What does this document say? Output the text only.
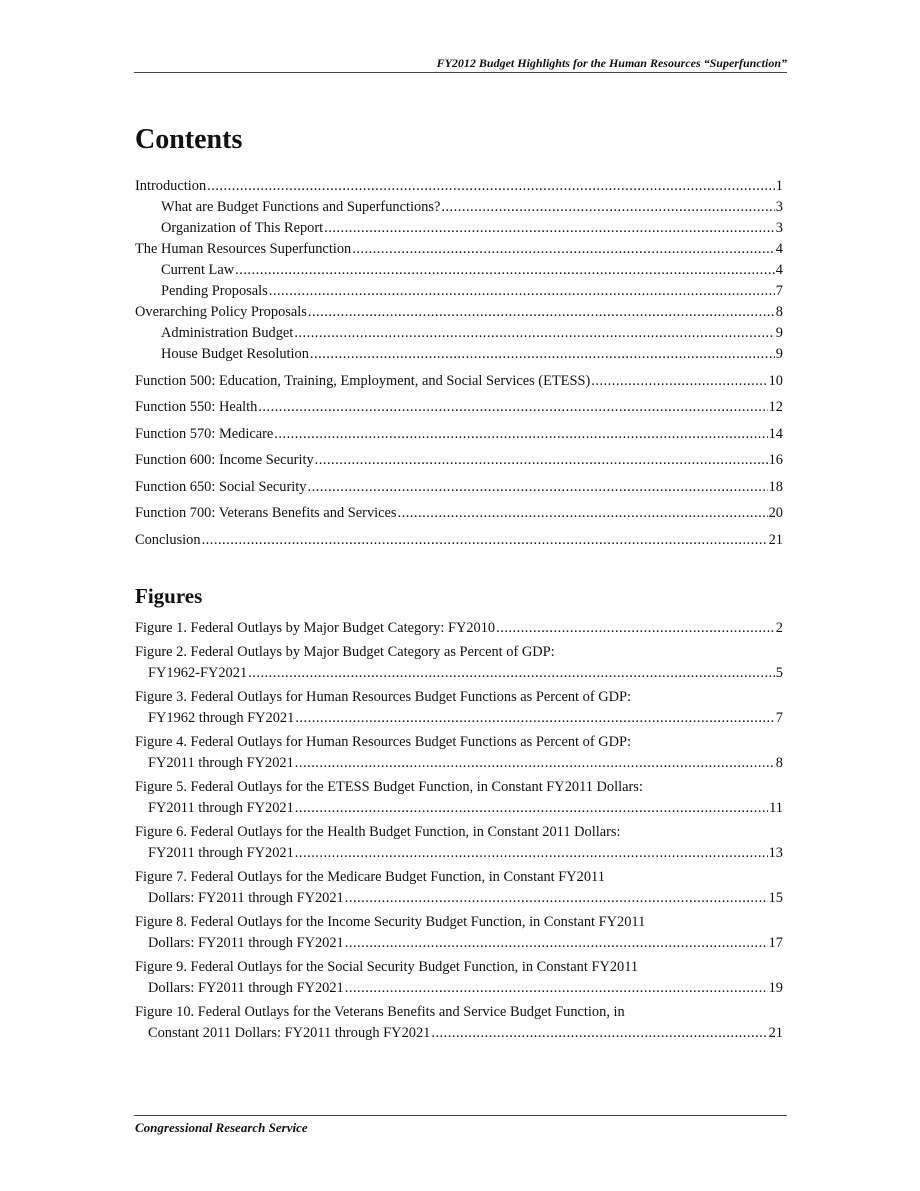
FY2012 Budget Highlights for the Human Resources “Superfunction”
Contents
Introduction .....	1
What are Budget Functions and Superfunctions? .....	3
Organization of This Report .....	3
The Human Resources Superfunction .....	4
Current Law .....	4
Pending Proposals .....	7
Overarching Policy Proposals .....	8
Administration Budget .....	9
House Budget Resolution .....	9
Function 500: Education, Training, Employment, and Social Services (ETESS) .....	10
Function 550: Health .....	12
Function 570: Medicare .....	14
Function 600: Income Security .....	16
Function 650: Social Security .....	18
Function 700: Veterans Benefits and Services .....	20
Conclusion .....	21
Figures
Figure 1. Federal Outlays by Major Budget Category: FY2010 .....	2
Figure 2. Federal Outlays by Major Budget Category as Percent of GDP:
FY1962-FY2021 .....	5
Figure 3. Federal Outlays for Human Resources Budget Functions as Percent of GDP:
FY1962 through FY2021 .....	7
Figure 4. Federal Outlays for Human Resources Budget Functions as Percent of GDP:
FY2011 through FY2021 .....	8
Figure 5. Federal Outlays for the ETESS Budget Function, in Constant FY2011 Dollars:
FY2011 through FY2021 .....	11
Figure 6. Federal Outlays for the Health Budget Function, in Constant 2011 Dollars:
FY2011 through FY2021 .....	13
Figure 7. Federal Outlays for the Medicare Budget Function, in Constant FY2011
Dollars: FY2011 through FY2021 .....	15
Figure 8. Federal Outlays for the Income Security Budget Function, in Constant FY2011
Dollars: FY2011 through FY2021 .....	17
Figure 9. Federal Outlays for the Social Security Budget Function, in Constant FY2011
Dollars: FY2011 through FY2021 .....	19
Figure 10. Federal Outlays for the Veterans Benefits and Service Budget Function, in
Constant 2011 Dollars: FY2011 through FY2021 .....	21
Congressional Research Service
